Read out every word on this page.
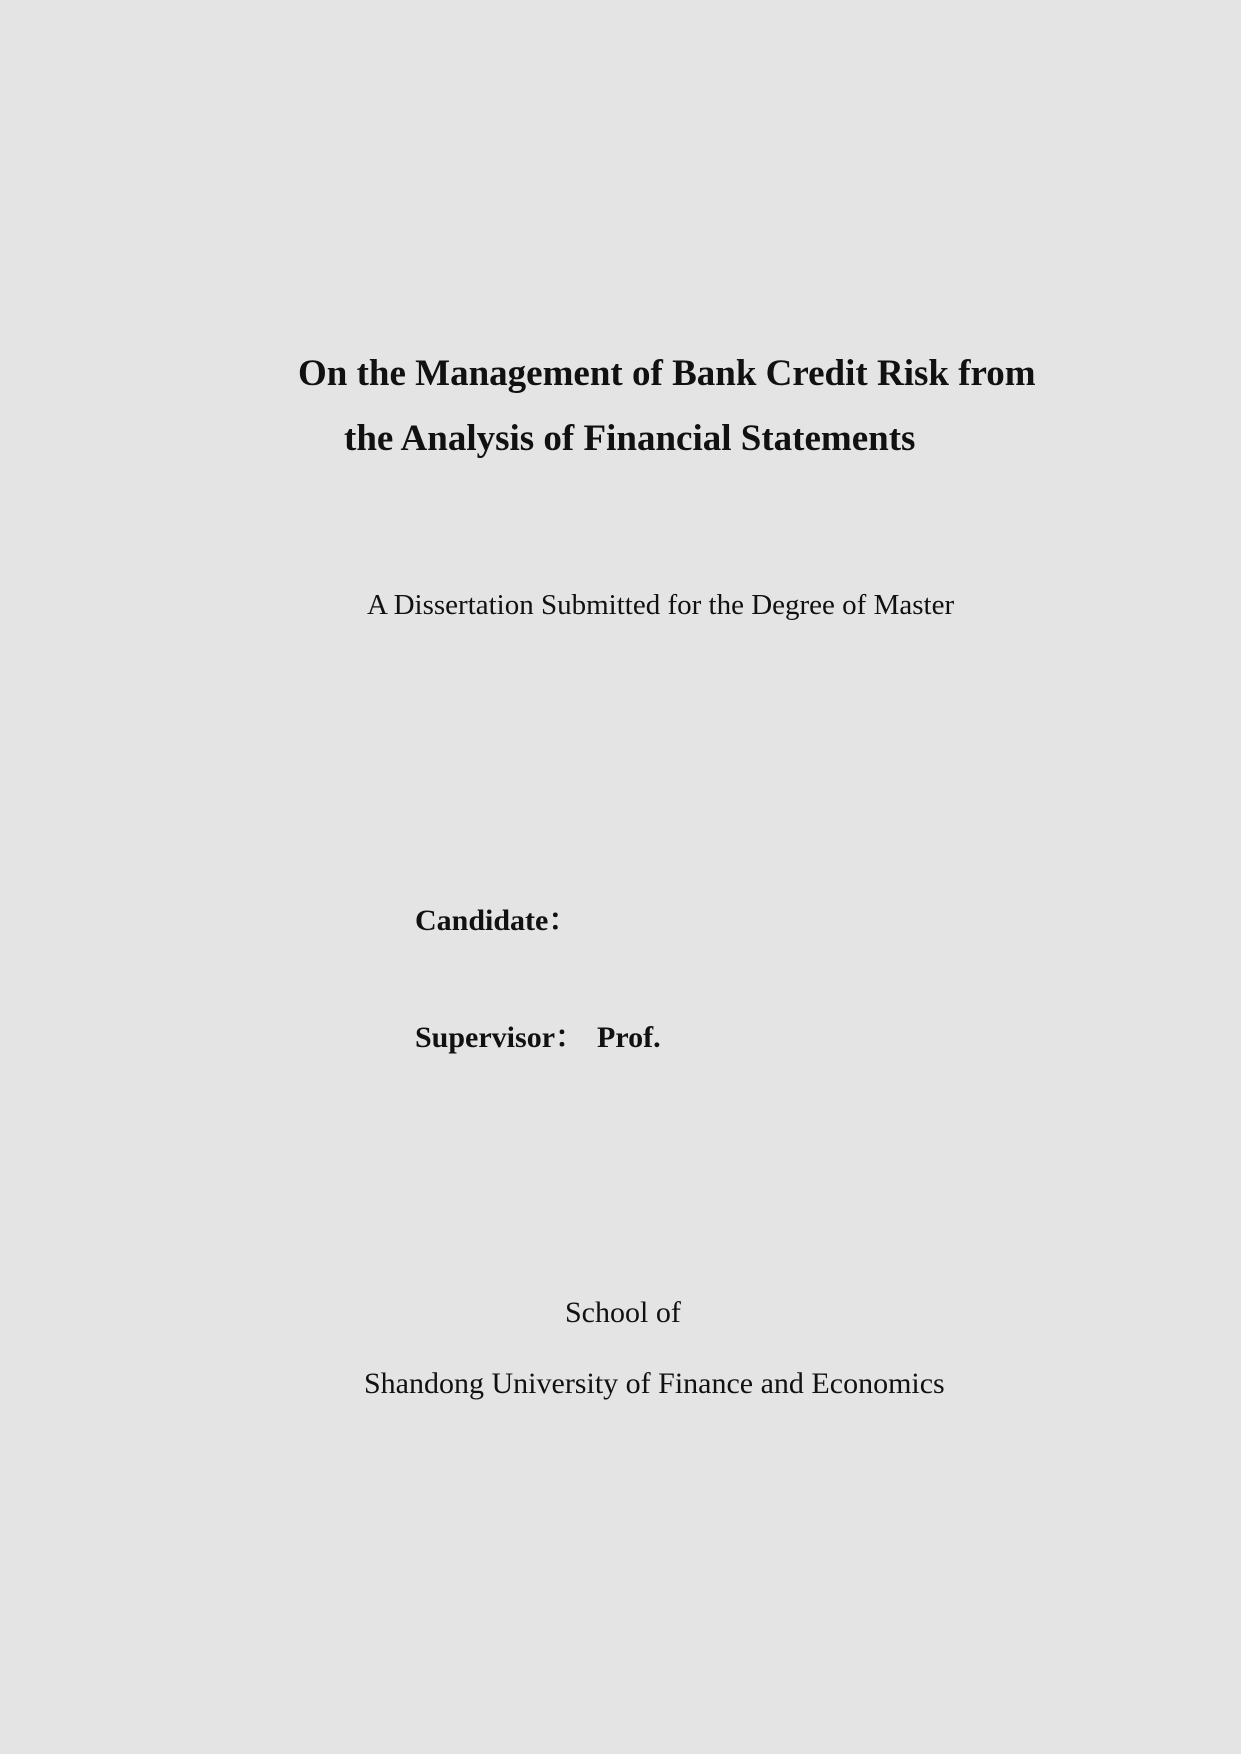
On the Management of Bank Credit Risk from
the Analysis of Financial Statements

A Dissertation Submitted for the Degree of Master

Candidate：

Supervisor： Prof.

School of

Shandong University of Finance and Economics
